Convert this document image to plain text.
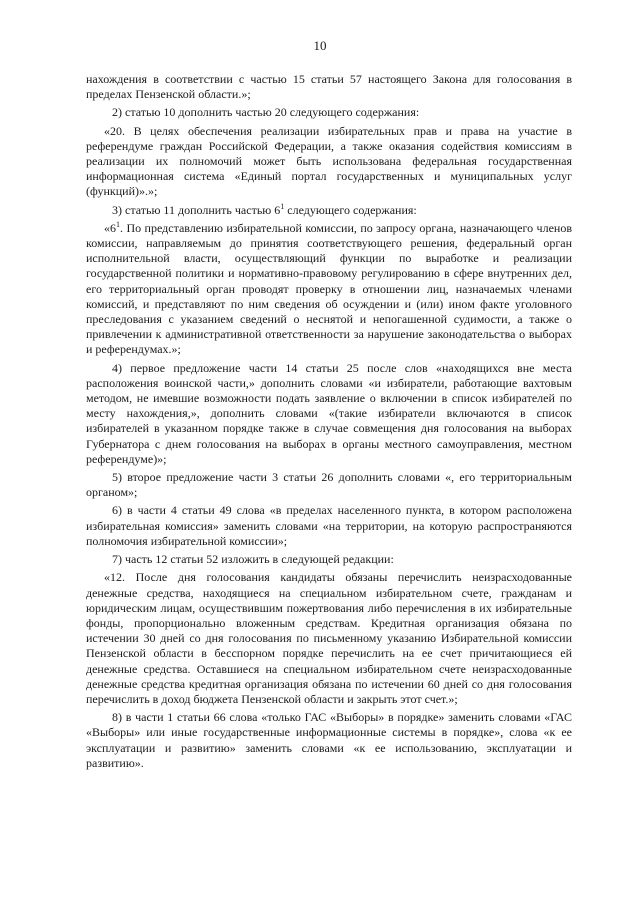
10

нахождения в соответствии с частью 15 статьи 57 настоящего Закона для голосования в пределах Пензенской области.»;

2) статью 10 дополнить частью 20 следующего содержания:

«20. В целях обеспечения реализации избирательных прав и права на участие в референдуме граждан Российской Федерации, а также оказания содействия комиссиям в реализации их полномочий может быть использована федеральная государственная информационная система «Единый портал государственных и муниципальных услуг (функций)».»;

3) статью 11 дополнить частью $6^1$ следующего содержания:

«$6^1$. По представлению избирательной комиссии, по запросу органа, назначающего членов комиссии, направляемым до принятия соответствующего решения, федеральный орган исполнительной власти, осуществляющий функции по выработке и реализации государственной политики и нормативно-правовому регулированию в сфере внутренних дел, его территориальный орган проводят проверку в отношении лиц, назначаемых членами комиссий, и представляют по ним сведения об осуждении и (или) ином факте уголовного преследования с указанием сведений о неснятой и непогашенной судимости, а также о привлечении к административной ответственности за нарушение законодательства о выборах и референдумах.»;

4) первое предложение части 14 статьи 25 после слов «находящихся вне места расположения воинской части,» дополнить словами «и избиратели, работающие вахтовым методом, не имевшие возможности подать заявление о включении в список избирателей по месту нахождения,», дополнить словами «(такие избиратели включаются в список избирателей в указанном порядке также в случае совмещения дня голосования на выборах Губернатора с днем голосования на выборах в органы местного самоуправления, местном референдуме)»;

5) второе предложение части 3 статьи 26 дополнить словами «, его территориальным органом»;

6) в части 4 статьи 49 слова «в пределах населенного пункта, в котором расположена избирательная комиссия» заменить словами «на территории, на которую распространяются полномочия избирательной комиссии»;

7) часть 12 статьи 52 изложить в следующей редакции:

«12. После дня голосования кандидаты обязаны перечислить неизрасходованные денежные средства, находящиеся на специальном избирательном счете, гражданам и юридическим лицам, осуществившим пожертвования либо перечисления в их избирательные фонды, пропорционально вложенным средствам. Кредитная организация обязана по истечении 30 дней со дня голосования по письменному указанию Избирательной комиссии Пензенской области в бесспорном порядке перечислить на ее счет причитающиеся ей денежные средства. Оставшиеся на специальном избирательном счете неизрасходованные денежные средства кредитная организация обязана по истечении 60 дней со дня голосования перечислить в доход бюджета Пензенской области и закрыть этот счет.»;

8) в части 1 статьи 66 слова «только ГАС «Выборы» в порядке» заменить словами «ГАС «Выборы» или иные государственные информационные системы в порядке», слова «к ее эксплуатации и развитию» заменить словами «к ее использованию, эксплуатации и развитию».
